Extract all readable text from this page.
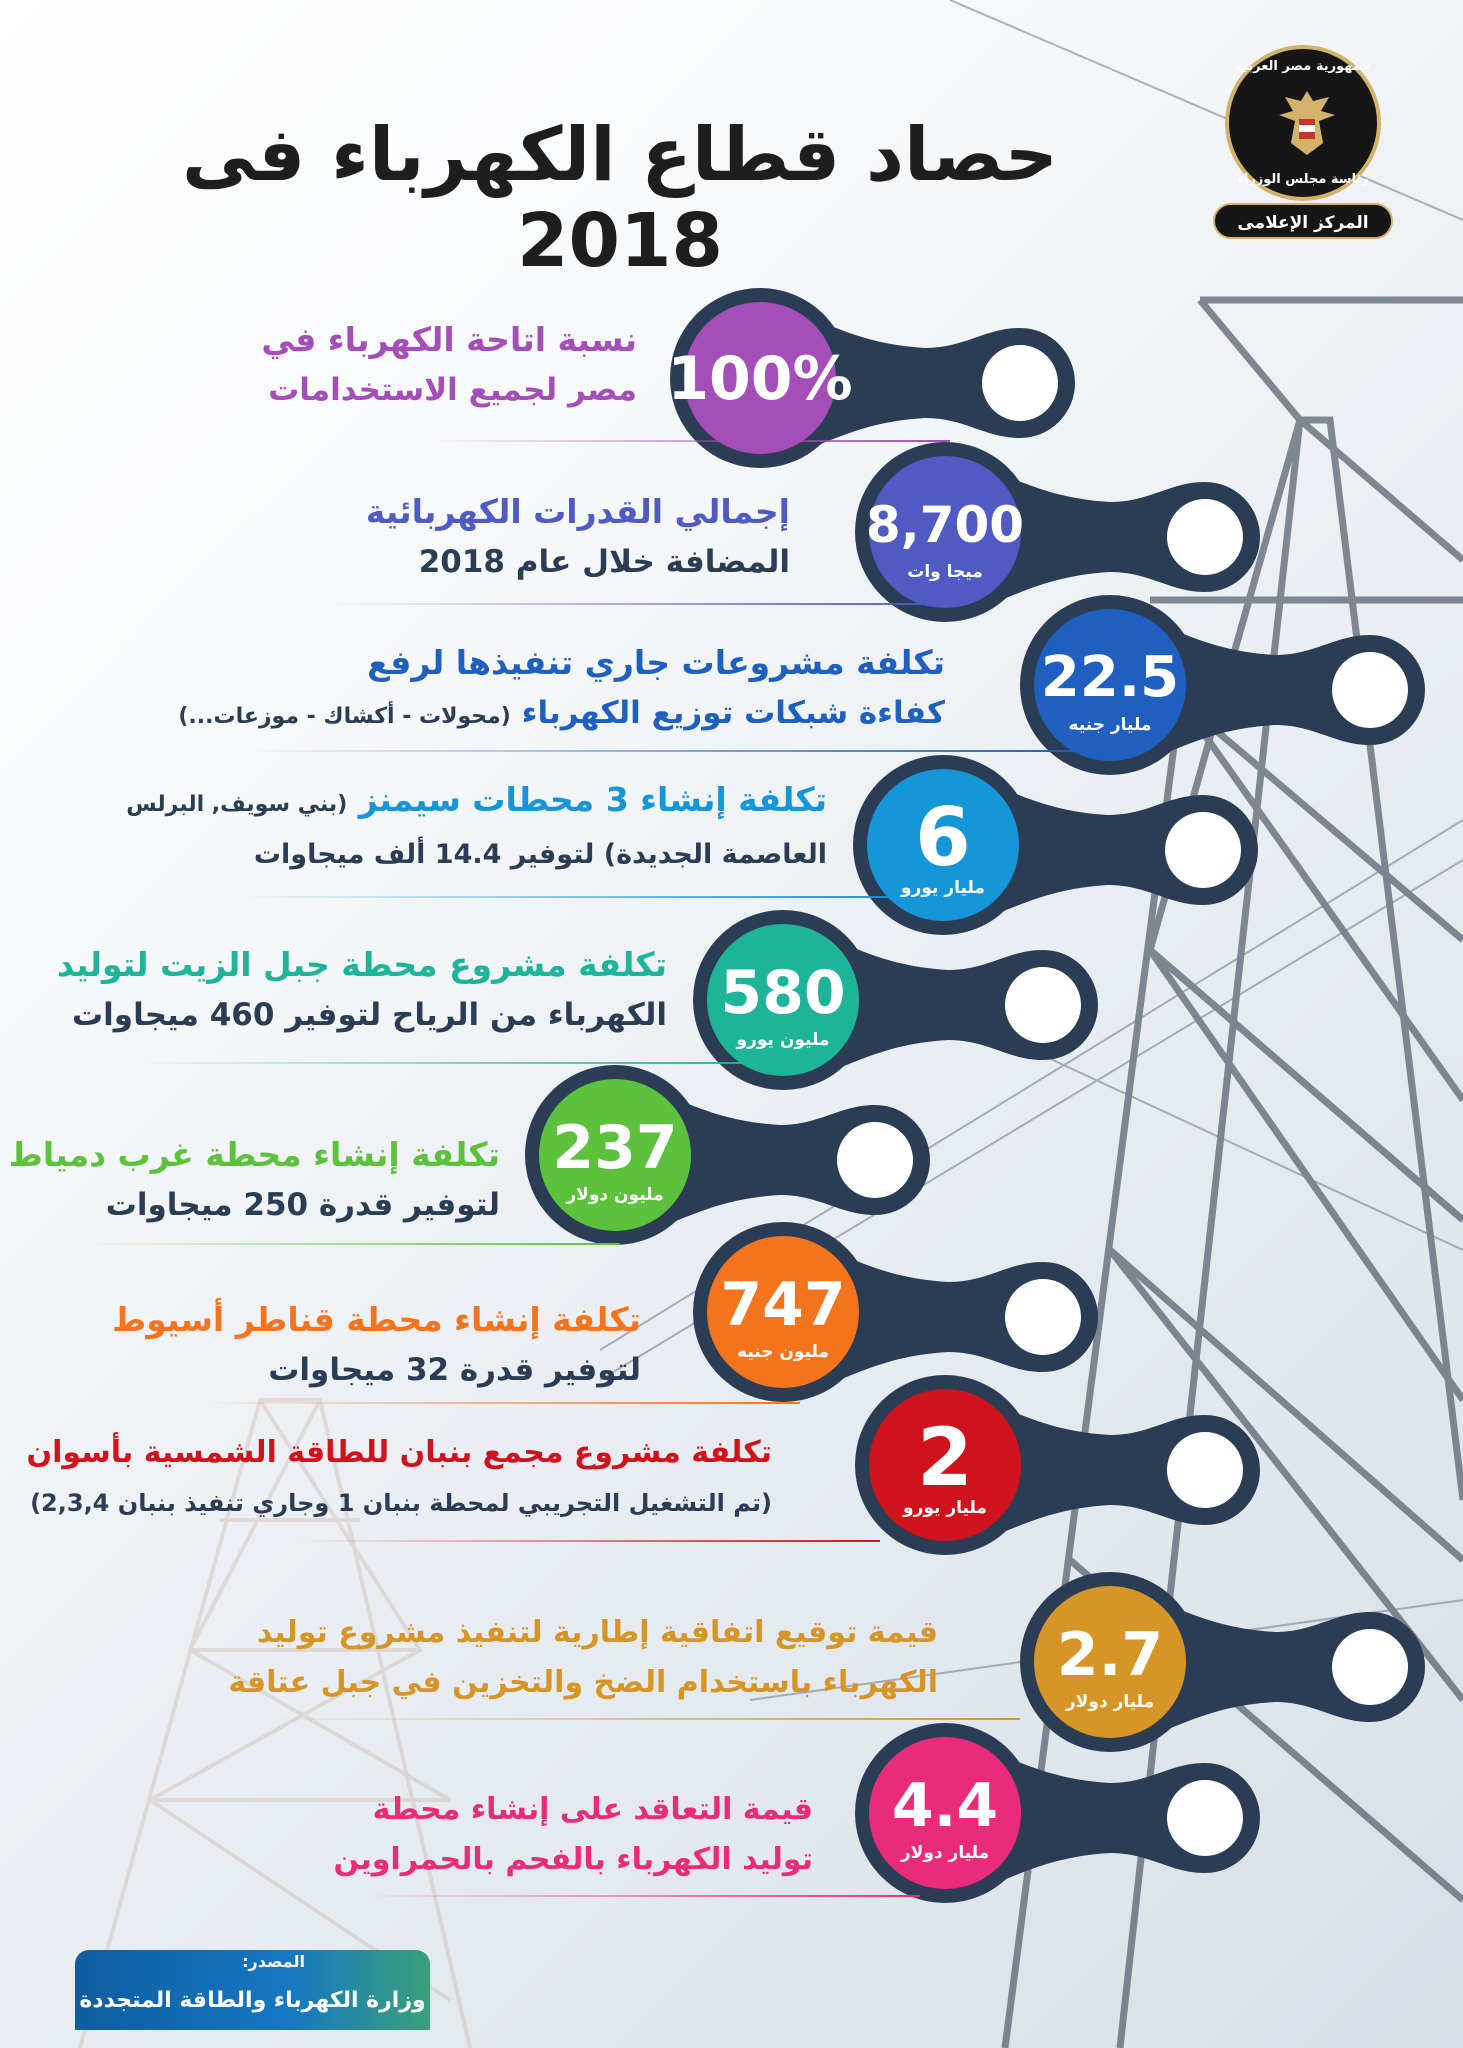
حصاد قطاع الكهرباء فى 2018
جمهورية مصر العربية
رئاسة مجلس الوزراء
المركز الإعلامى
100%
نسبة اتاحة الكهرباء في
مصر لجميع الاستخدامات
8,700
ميجا وات
إجمالي القدرات الكهربائية
المضافة خلال عام 2018
22.5
مليار جنيه
تكلفة مشروعات جاري تنفيذها لرفع
كفاءة شبكات توزيع الكهرباء (محولات - أكشاك - موزعات...)
6
مليار يورو
تكلفة إنشاء 3 محطات سيمنز (بني سويف, البرلس
العاصمة الجديدة) لتوفير 14.4 ألف ميجاوات
580
مليون يورو
تكلفة مشروع محطة جبل الزيت لتوليد
الكهرباء من الرياح لتوفير 460 ميجاوات
237
مليون دولار
تكلفة إنشاء محطة غرب دمياط
لتوفير قدرة 250 ميجاوات
747
مليون جنيه
تكلفة إنشاء محطة قناطر أسيوط
لتوفير قدرة 32 ميجاوات
2
مليار يورو
تكلفة مشروع مجمع بنبان للطاقة الشمسية بأسوان
(تم التشغيل التجريبي لمحطة بنبان 1 وجاري تنفيذ بنبان 2,3,4)
2.7
مليار دولار
قيمة توقيع اتفاقية إطارية لتنفيذ مشروع توليد
الكهرباء باستخدام الضخ والتخزين في جبل عتاقة
4.4
مليار دولار
قيمة التعاقد على إنشاء محطة
توليد الكهرباء بالفحم بالحمراوين
المصدر:
وزارة الكهرباء والطاقة المتجددة
